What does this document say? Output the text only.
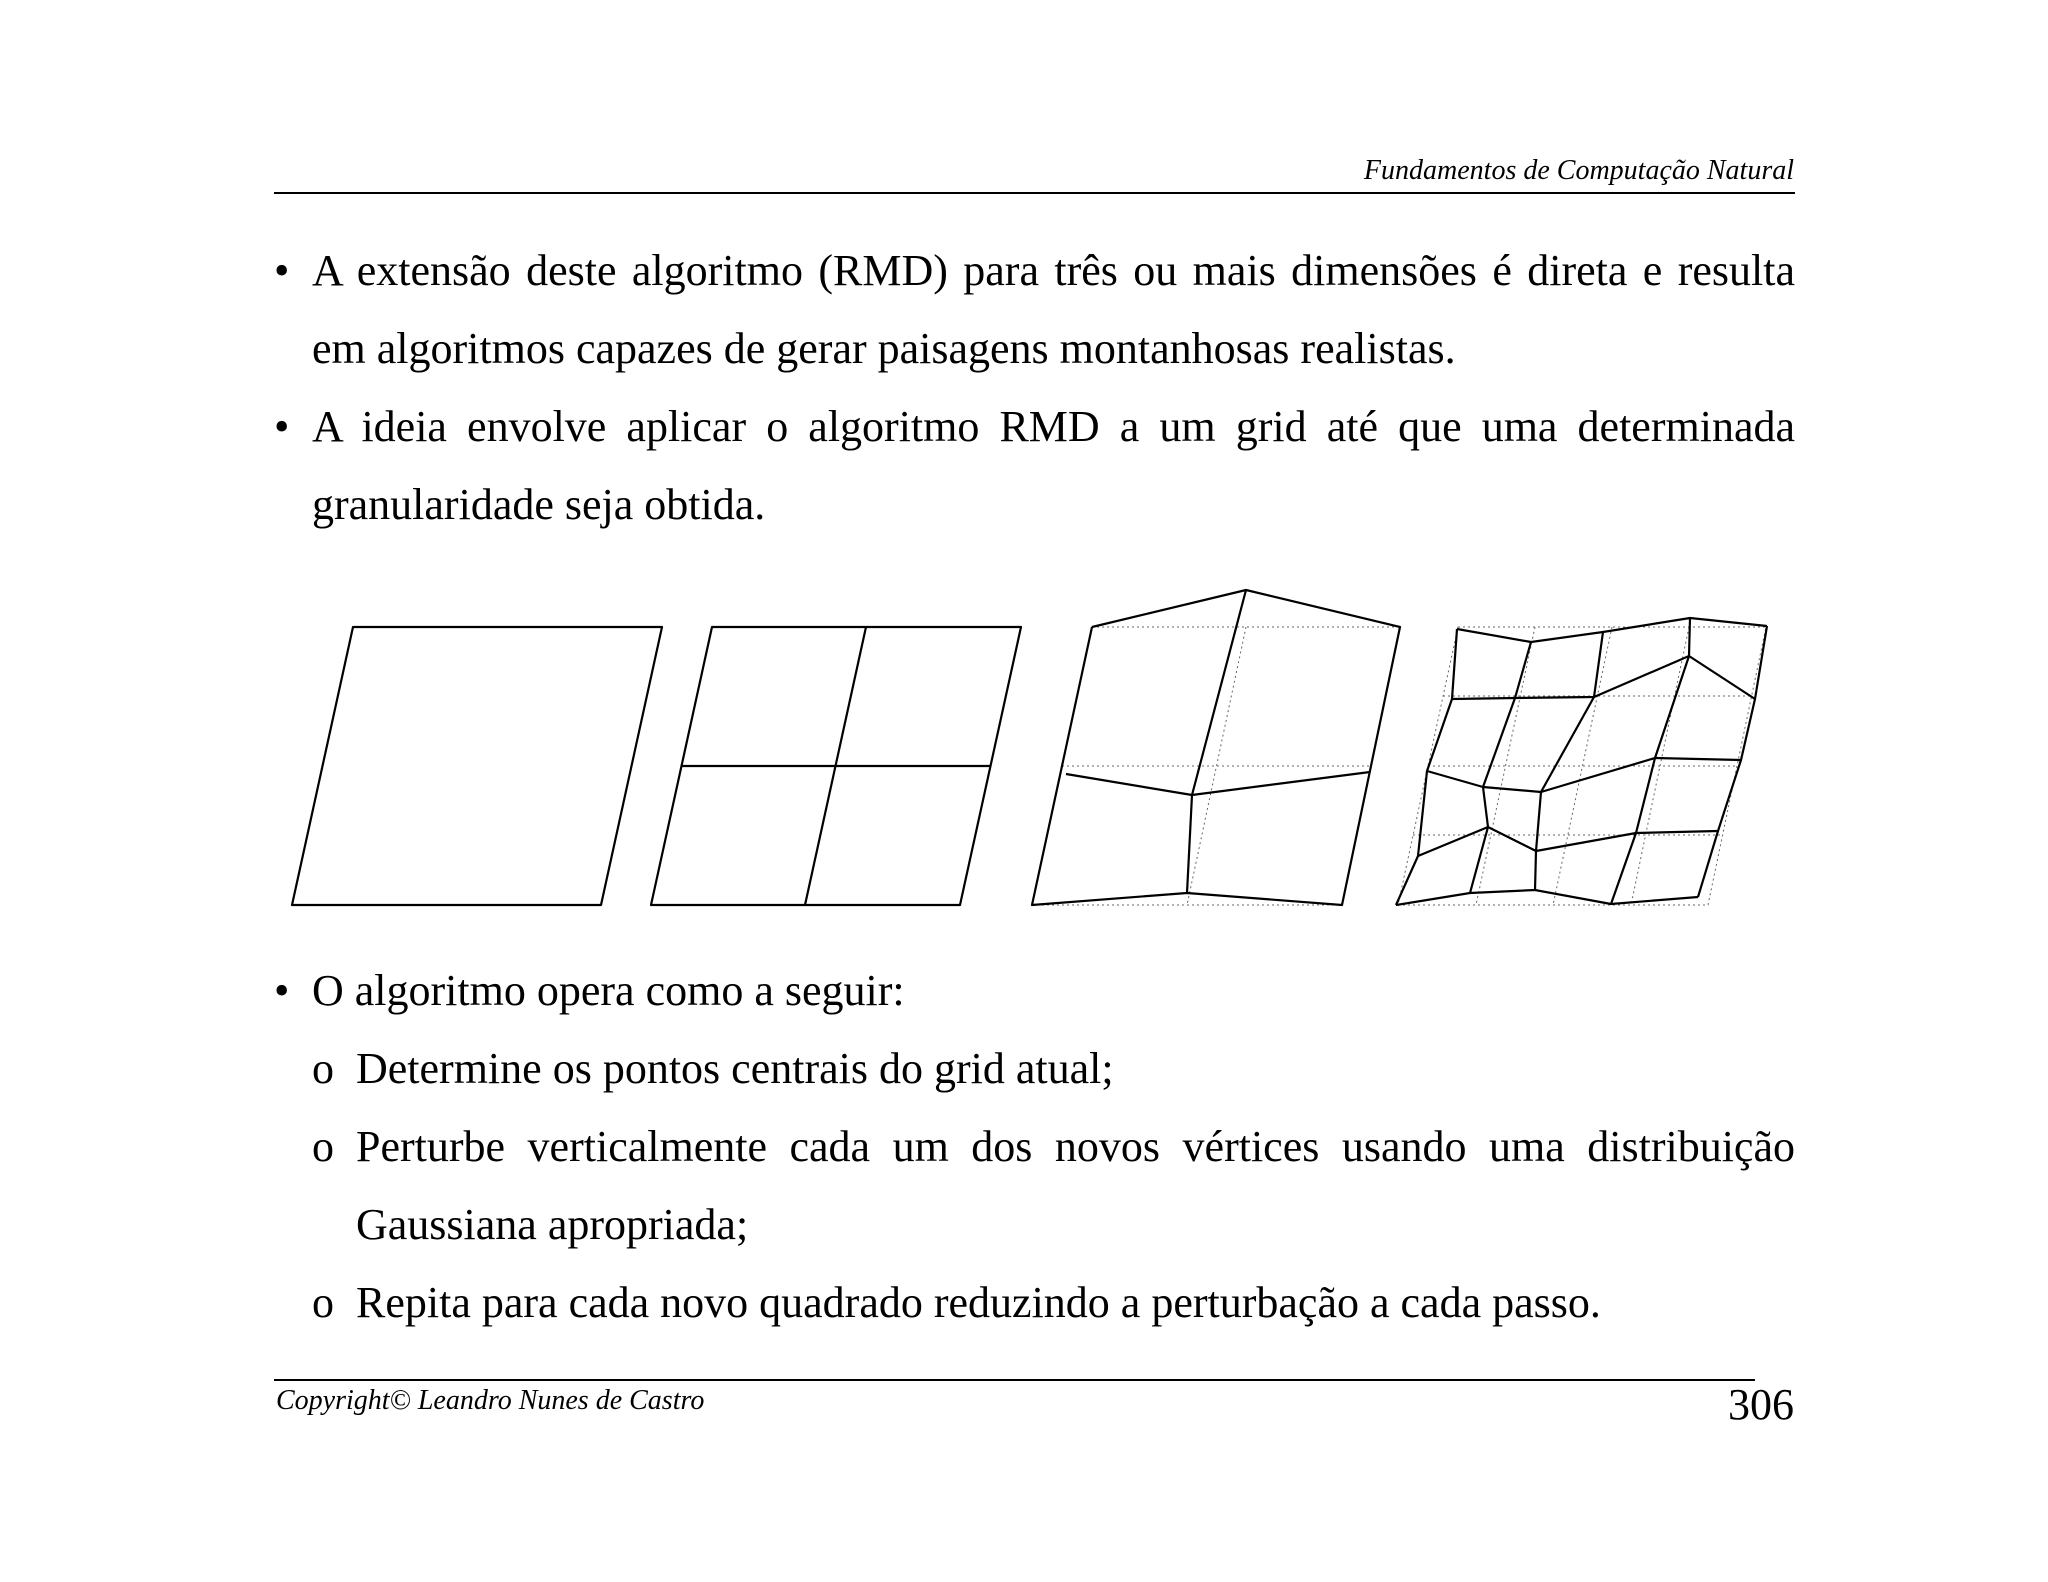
Fundamentos de Computação Natural
• A extensão deste algoritmo (RMD) para três ou mais dimensões é direta e resulta em algoritmos capazes de gerar paisagens montanhosas realistas.
• A ideia envolve aplicar o algoritmo RMD a um grid até que uma determinada granularidade seja obtida.
• O algoritmo opera como a seguir:
o Determine os pontos centrais do grid atual;
o Perturbe verticalmente cada um dos novos vértices usando uma distribuição Gaussiana apropriada;
o Repita para cada novo quadrado reduzindo a perturbação a cada passo.
Copyright© Leandro Nunes de Castro	306
